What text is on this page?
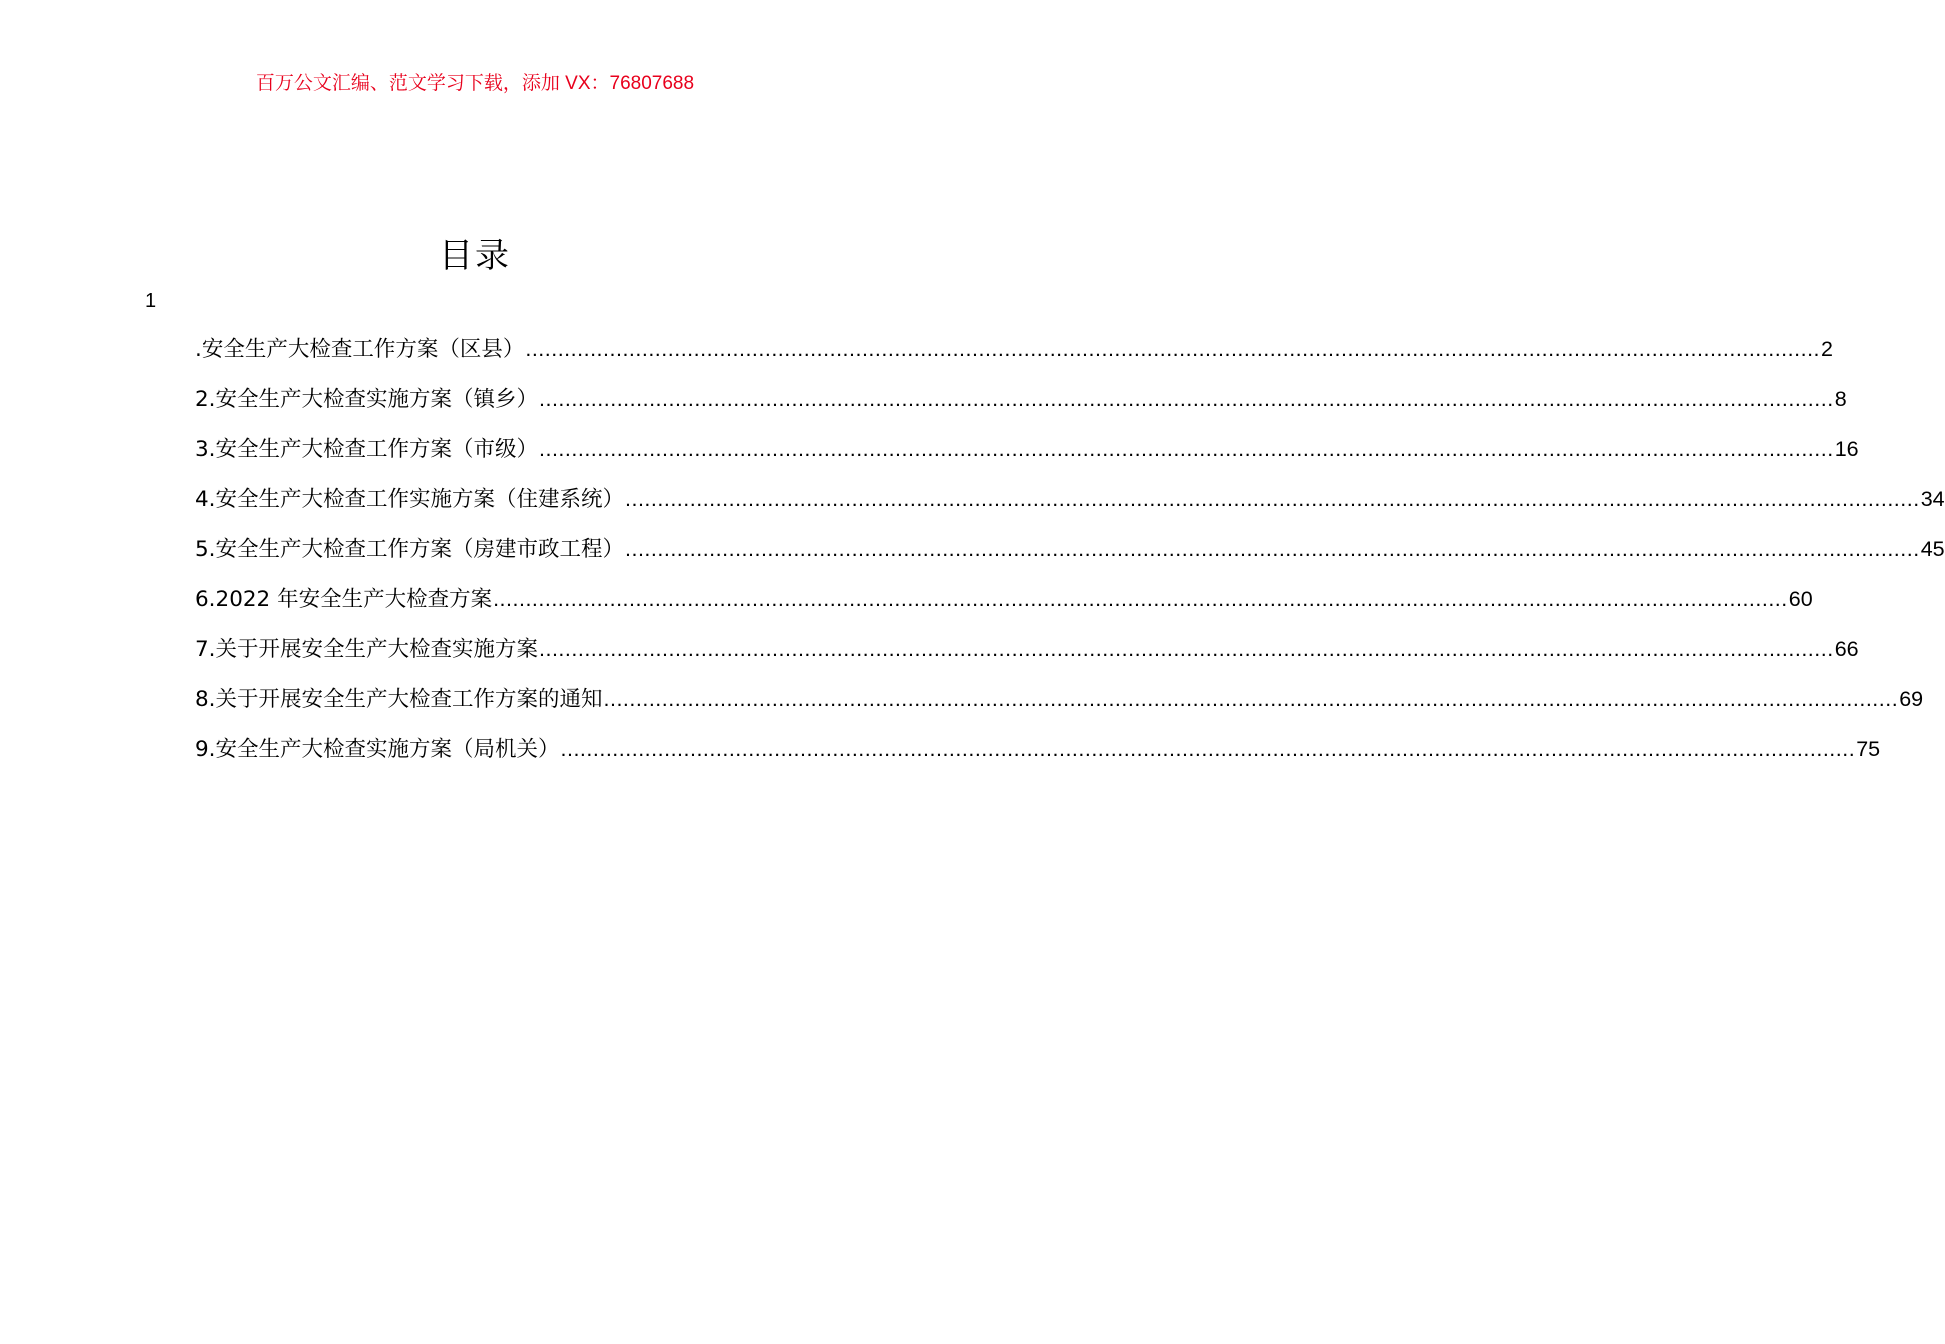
百万公文汇编、范文学习下载，添加 VX：76807688
目录
1
.安全生产大检查工作方案（区县） ........................................................................................................................................................................................................ 2
2.安全生产大检查实施方案（镇乡） ........................................................................................................................................................................................................ 8
3.安全生产大检查工作方案（市级） ........................................................................................................................................................................................................ 16
4.安全生产大检查工作实施方案（住建系统） ........................................................................................................................................................................................................ 34
5.安全生产大检查工作方案（房建市政工程） ........................................................................................................................................................................................................ 45
6.2022 年安全生产大检查方案 ........................................................................................................................................................................................................ 60
7.关于开展安全生产大检查实施方案 ........................................................................................................................................................................................................ 66
8.关于开展安全生产大检查工作方案的通知 ........................................................................................................................................................................................................ 69
9.安全生产大检查实施方案（局机关） ........................................................................................................................................................................................................ 75
